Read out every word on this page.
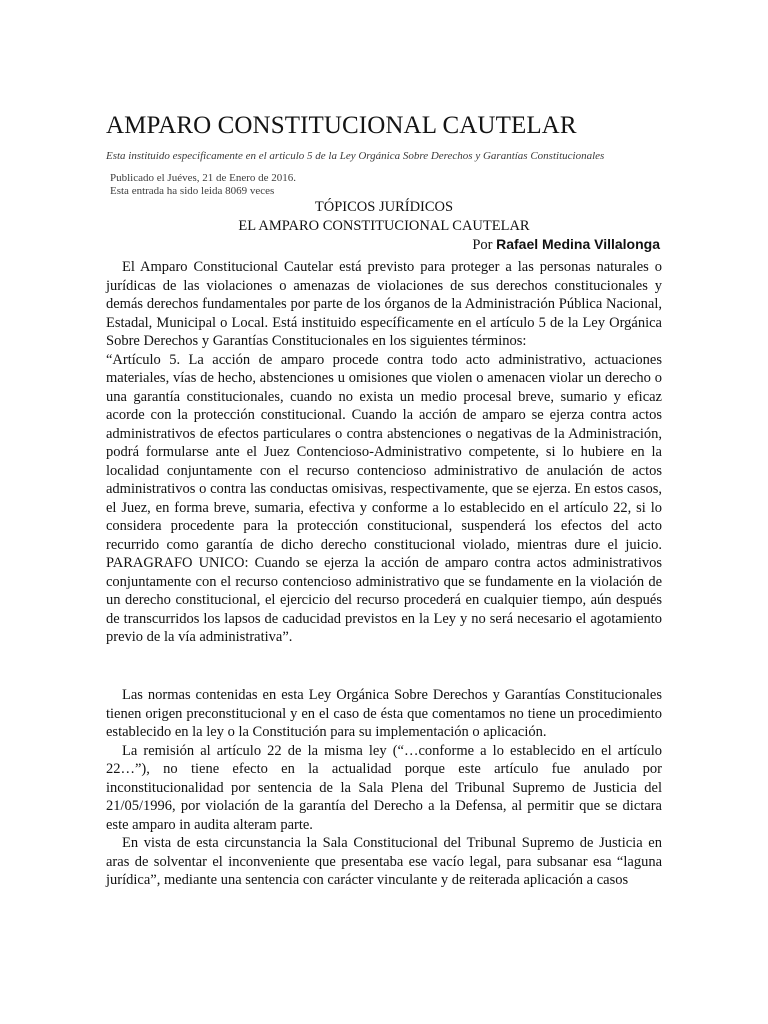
AMPARO CONSTITUCIONAL CAUTELAR

Esta instituido especificamente en el articulo 5 de la Ley Orgánica Sobre Derechos y Garantías Constitucionales

Publicado el Juéves, 21 de Enero de 2016.
Esta entrada ha sido leida 8069 veces
TÓPICOS JURÍDICOS
EL AMPARO CONSTITUCIONAL CAUTELAR
Por Rafael Medina Villalonga

El Amparo Constitucional Cautelar está previsto para proteger a las personas naturales o jurídicas de las violaciones o amenazas de violaciones de sus derechos constitucionales y demás derechos fundamentales por parte de los órganos de la Administración Pública Nacional, Estadal, Municipal o Local. Está instituido específicamente en el artículo 5 de la Ley Orgánica Sobre Derechos y Garantías Constitucionales en los siguientes términos:

“Artículo 5. La acción de amparo procede contra todo acto administrativo, actuaciones materiales, vías de hecho, abstenciones u omisiones que violen o amenacen violar un derecho o una garantía constitucionales, cuando no exista un medio procesal breve, sumario y eficaz acorde con la protección constitucional. Cuando la acción de amparo se ejerza contra actos administrativos de efectos particulares o contra abstenciones o negativas de la Administración, podrá formularse ante el Juez Contencioso-Administrativo competente, si lo hubiere en la localidad conjuntamente con el recurso contencioso administrativo de anulación de actos administrativos o contra las conductas omisivas, respectivamente, que se ejerza. En estos casos, el Juez, en forma breve, sumaria, efectiva y conforme a lo establecido en el artículo 22, si lo considera procedente para la protección constitucional, suspenderá los efectos del acto recurrido como garantía de dicho derecho constitucional violado, mientras dure el juicio. PARAGRAFO UNICO: Cuando se ejerza la acción de amparo contra actos administrativos conjuntamente con el recurso contencioso administrativo que se fundamente en la violación de un derecho constitucional, el ejercicio del recurso procederá en cualquier tiempo, aún después de transcurridos los lapsos de caducidad previstos en la Ley y no será necesario el agotamiento previo de la vía administrativa”.

Las normas contenidas en esta Ley Orgánica Sobre Derechos y Garantías Constitucionales tienen origen preconstitucional y en el caso de ésta que comentamos no tiene un procedimiento establecido en la ley o la Constitución para su implementación o aplicación.

La remisión al artículo 22 de la misma ley (“…conforme a lo establecido en el artículo 22…”), no tiene efecto en la actualidad porque este artículo fue anulado por inconstitucionalidad por sentencia de la Sala Plena del Tribunal Supremo de Justicia del 21/05/1996, por violación de la garantía del Derecho a la Defensa, al permitir que se dictara este amparo in audita alteram parte.

En vista de esta circunstancia la Sala Constitucional del Tribunal Supremo de Justicia en aras de solventar el inconveniente que presentaba ese vacío legal, para subsanar esa “laguna jurídica”, mediante una sentencia con carácter vinculante y de reiterada aplicación a casos
